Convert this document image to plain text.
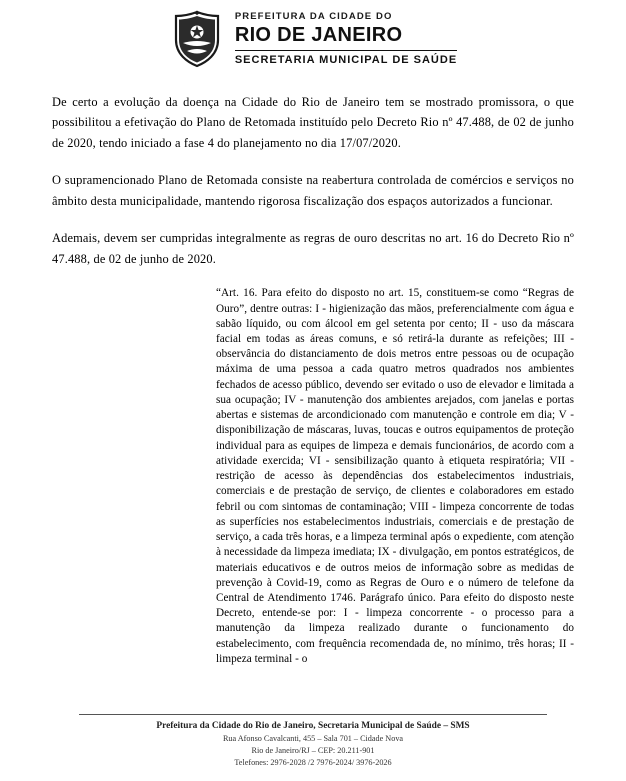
PREFEITURA DA CIDADE DO
RIO DE JANEIRO
SECRETARIA MUNICIPAL DE SAÚDE

De certo a evolução da doença na Cidade do Rio de Janeiro tem se mostrado promissora, o que possibilitou a efetivação do Plano de Retomada instituído pelo Decreto Rio nº 47.488, de 02 de junho de 2020, tendo iniciado a fase 4 do planejamento no dia 17/07/2020.

O supramencionado Plano de Retomada consiste na reabertura controlada de comércios e serviços no âmbito desta municipalidade, mantendo rigorosa fiscalização dos espaços autorizados a funcionar.

Ademais, devem ser cumpridas integralmente as regras de ouro descritas no art. 16 do Decreto Rio nº 47.488, de 02 de junho de 2020.

“Art. 16. Para efeito do disposto no art. 15, constituem-se como “Regras de Ouro”, dentre outras: I - higienização das mãos, preferencialmente com água e sabão líquido, ou com álcool em gel setenta por cento; II - uso da máscara facial em todas as áreas comuns, e só retirá-la durante as refeições; III - observância do distanciamento de dois metros entre pessoas ou de ocupação máxima de uma pessoa a cada quatro metros quadrados nos ambientes fechados de acesso público, devendo ser evitado o uso de elevador e limitada a sua ocupação; IV - manutenção dos ambientes arejados, com janelas e portas abertas e sistemas de arcondicionado com manutenção e controle em dia; V - disponibilização de máscaras, luvas, toucas e outros equipamentos de proteção individual para as equipes de limpeza e demais funcionários, de acordo com a atividade exercida; VI - sensibilização quanto à etiqueta respiratória; VII - restrição de acesso às dependências dos estabelecimentos industriais, comerciais e de prestação de serviço, de clientes e colaboradores em estado febril ou com sintomas de contaminação; VIII - limpeza concorrente de todas as superfícies nos estabelecimentos industriais, comerciais e de prestação de serviço, a cada três horas, e a limpeza terminal após o expediente, com atenção à necessidade da limpeza imediata; IX - divulgação, em pontos estratégicos, de materiais educativos e de outros meios de informação sobre as medidas de prevenção à Covid-19, como as Regras de Ouro e o número de telefone da Central de Atendimento 1746. Parágrafo único. Para efeito do disposto neste Decreto, entende-se por: I - limpeza concorrente - o processo para a manutenção da limpeza realizado durante o funcionamento do estabelecimento, com frequência recomendada de, no mínimo, três horas; II - limpeza terminal - o
Prefeitura da Cidade do Rio de Janeiro, Secretaria Municipal de Saúde – SMS
Rua Afonso Cavalcanti, 455 – Sala 701 – Cidade Nova
Rio de Janeiro/RJ – CEP: 20.211-901
Telefones: 2976-2028 /2 7976-2024/ 3976-2026
